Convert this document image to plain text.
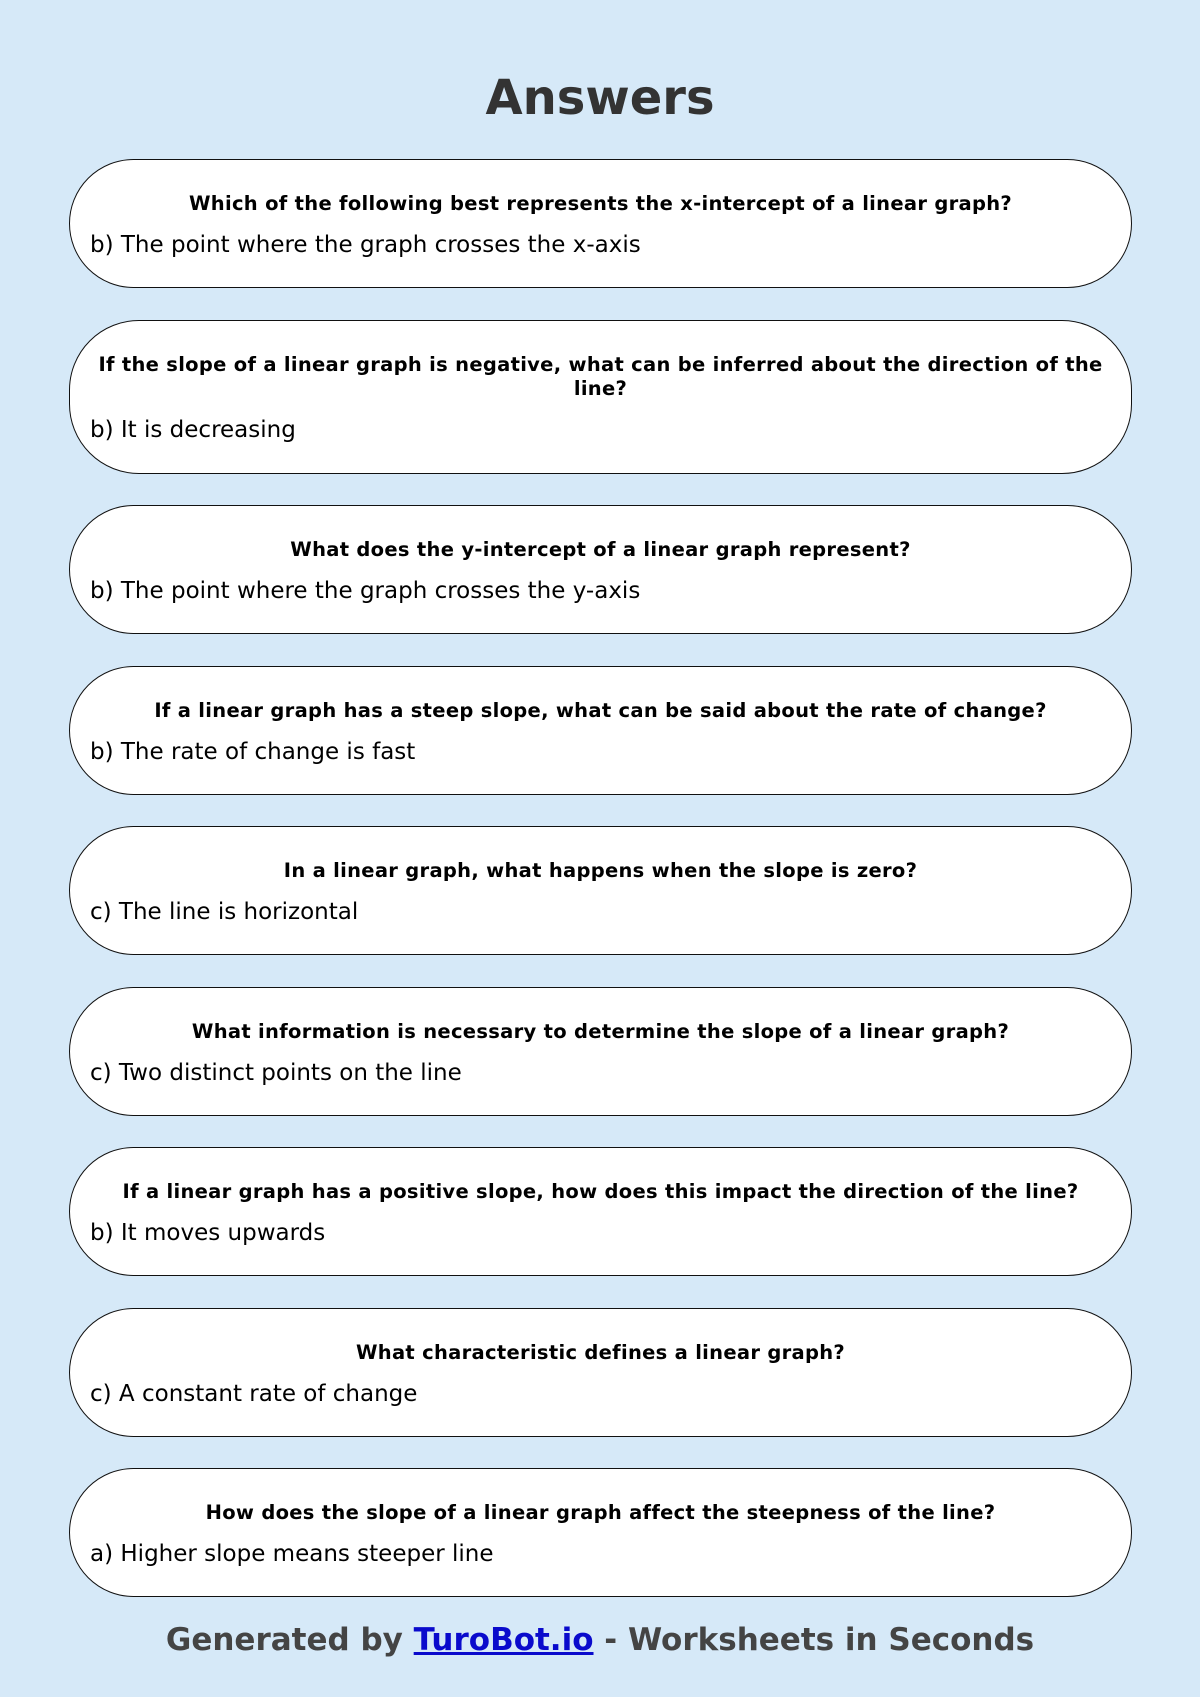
Answers

Which of the following best represents the x-intercept of a linear graph?

b) The point where the graph crosses the x-axis

If the slope of a linear graph is negative, what can be inferred about the direction of the line?

b) It is decreasing

What does the y-intercept of a linear graph represent?

b) The point where the graph crosses the y-axis

If a linear graph has a steep slope, what can be said about the rate of change?

b) The rate of change is fast

In a linear graph, what happens when the slope is zero?

c) The line is horizontal

What information is necessary to determine the slope of a linear graph?

c) Two distinct points on the line

If a linear graph has a positive slope, how does this impact the direction of the line?

b) It moves upwards

What characteristic defines a linear graph?

c) A constant rate of change

How does the slope of a linear graph affect the steepness of the line?

a) Higher slope means steeper line

Generated by TuroBot.io - Worksheets in Seconds
